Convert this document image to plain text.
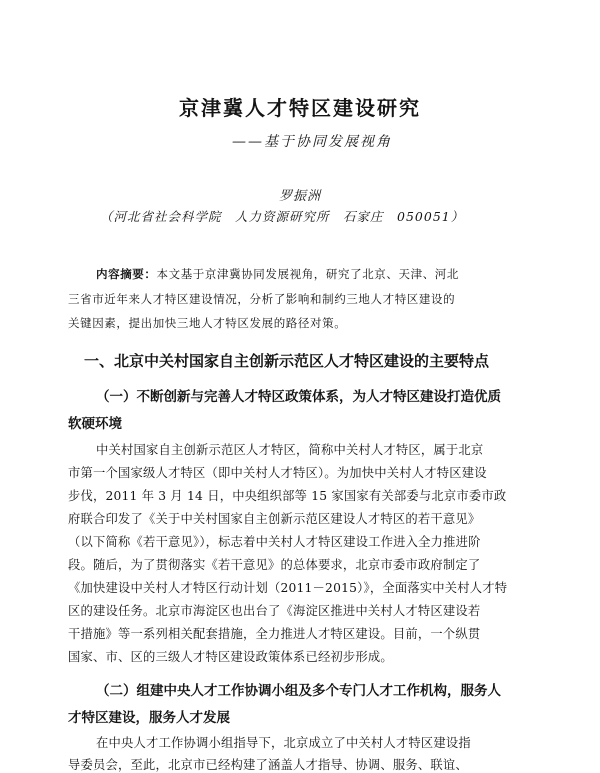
京津冀人才特区建设研究
——基于协同发展视角
罗振洲
（河北省社会科学院　人力资源研究所　石家庄　050051）
内容摘要：本文基于京津冀协同发展视角，研究了北京、天津、河北
三省市近年来人才特区建设情况，分析了影响和制约三地人才特区建设的
关键因素，提出加快三地人才特区发展的路径对策。
一、北京中关村国家自主创新示范区人才特区建设的主要特点
（一）不断创新与完善人才特区政策体系，为人才特区建设打造优质
软硬环境
中关村国家自主创新示范区人才特区，简称中关村人才特区，属于北京
市第一个国家级人才特区（即中关村人才特区）。为加快中关村人才特区建设
步伐，2011 年 3 月 14 日，中央组织部等 15 家国家有关部委与北京市委市政
府联合印发了《关于中关村国家自主创新示范区建设人才特区的若干意见》
（以下简称《若干意见》），标志着中关村人才特区建设工作进入全力推进阶
段。随后，为了贯彻落实《若干意见》的总体要求，北京市委市政府制定了
《加快建设中关村人才特区行动计划（2011－2015）》，全面落实中关村人才特
区的建设任务。北京市海淀区也出台了《海淀区推进中关村人才特区建设若
干措施》等一系列相关配套措施，全力推进人才特区建设。目前，一个纵贯
国家、市、区的三级人才特区建设政策体系已经初步形成。
（二）组建中央人才工作协调小组及多个专门人才工作机构，服务人
才特区建设，服务人才发展
在中央人才工作协调小组指导下，北京成立了中关村人才特区建设指
导委员会，至此，北京市已经构建了涵盖人才指导、协调、服务、联谊、
